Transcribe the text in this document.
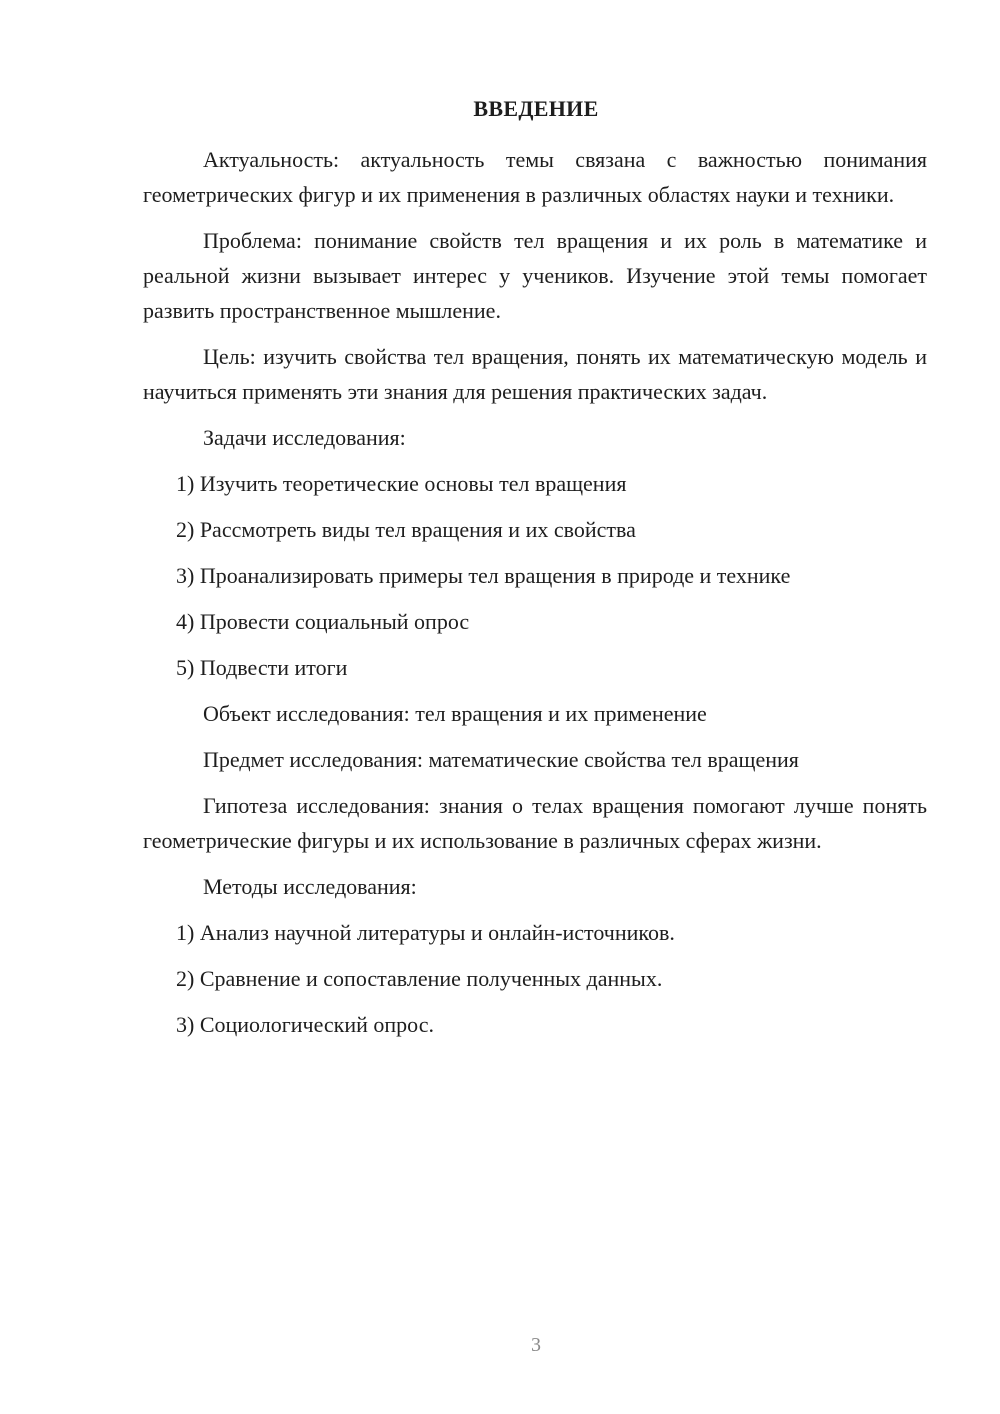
ВВЕДЕНИЕ

Актуальность: актуальность темы связана с важностью понимания геометрических фигур и их применения в различных областях науки и техники.

Проблема: понимание свойств тел вращения и их роль в математике и реальной жизни вызывает интерес у учеников. Изучение этой темы помогает развить пространственное мышление.

Цель: изучить свойства тел вращения, понять их математическую модель и научиться применять эти знания для решения практических задач.

Задачи исследования:

1) Изучить теоретические основы тел вращения

2) Рассмотреть виды тел вращения и их свойства

3) Проанализировать примеры тел вращения в природе и технике

4) Провести социальный опрос

5) Подвести итоги

Объект исследования: тел вращения и их применение

Предмет исследования: математические свойства тел вращения

Гипотеза исследования: знания о телах вращения помогают лучше понять геометрические фигуры и их использование в различных сферах жизни.

Методы исследования:

1) Анализ научной литературы и онлайн-источников.

2) Сравнение и сопоставление полученных данных.

3) Социологический опрос.

3
